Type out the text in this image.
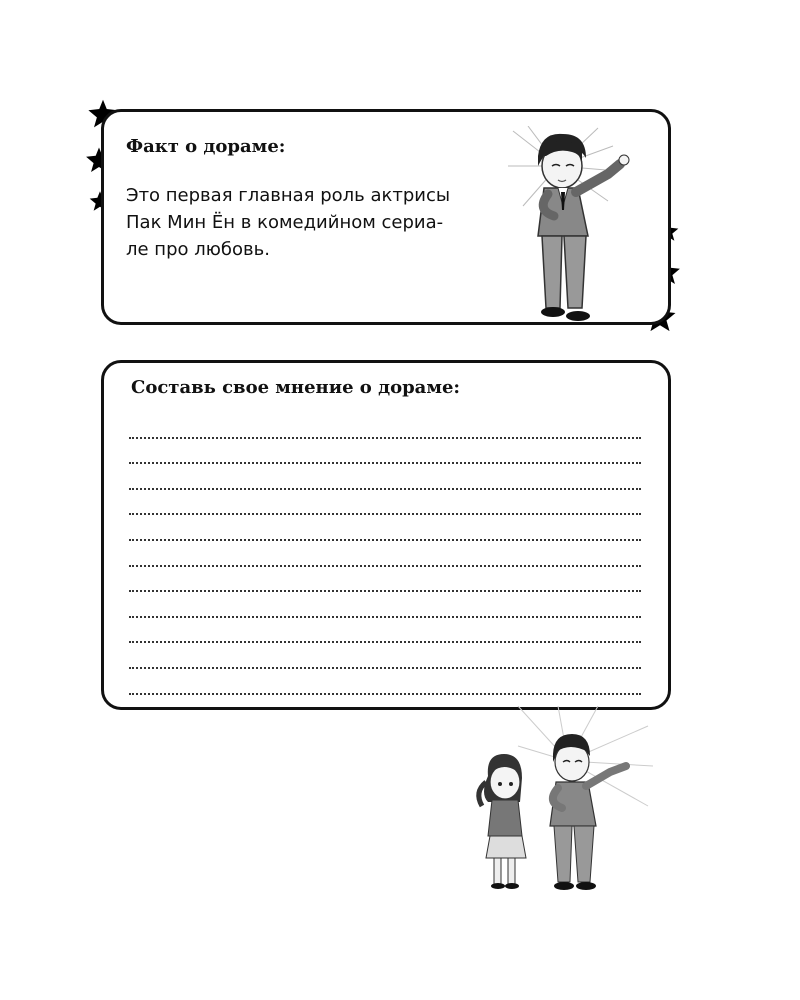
Факт о дораме:
Это первая главная роль актрисы
Пак Мин Ён в комедийном сериа-
ле про любовь.
Составь свое мнение о дораме:
